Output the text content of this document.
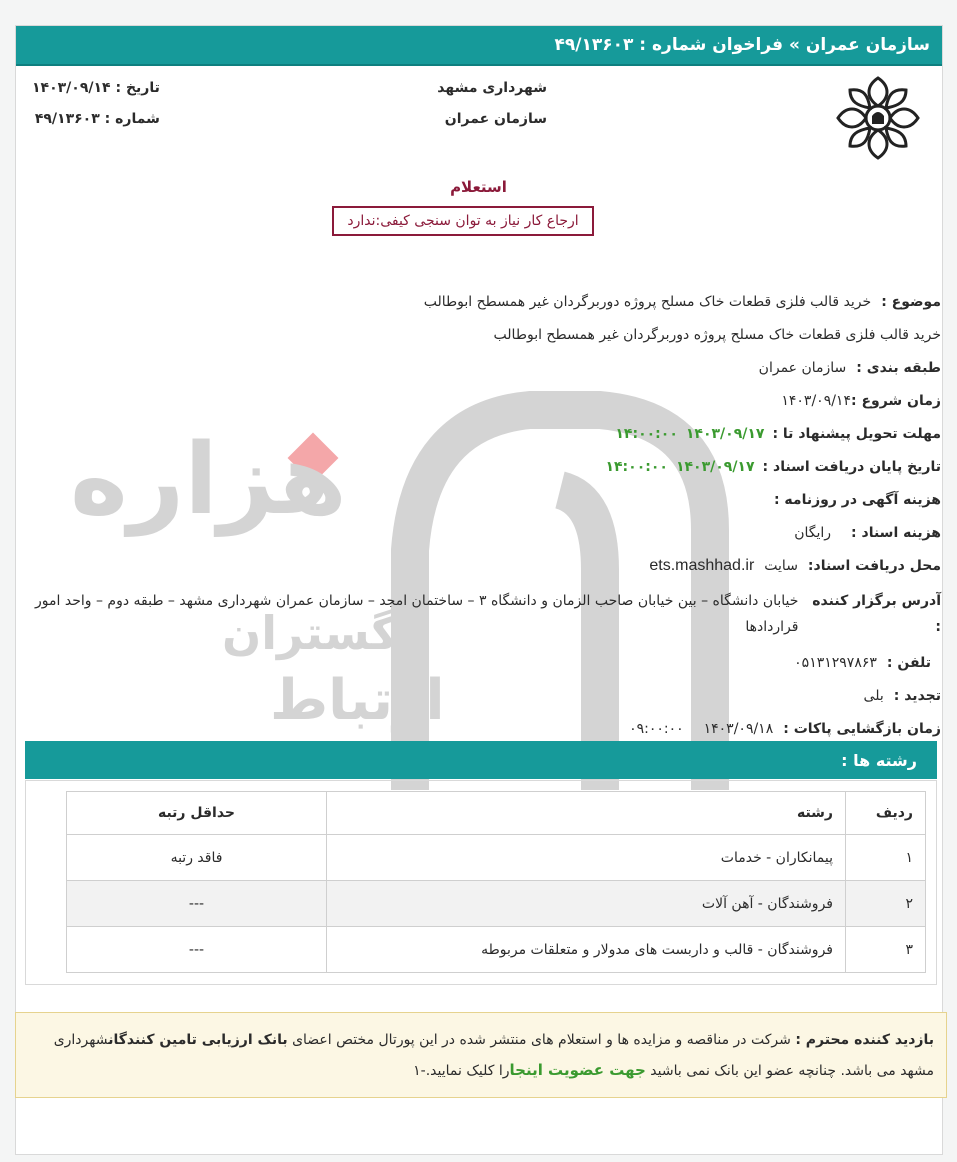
سازمان عمران » فراخوان شماره : ۴۹/۱۳۶۰۳
شهرداری مشهد
سازمان عمران
تاریخ : ۱۴۰۳/۰۹/۱۴
شماره : ۴۹/۱۳۶۰۳
استعلام
ارجاع کار نیاز به توان سنجی کیفی:ندارد
هزاره
گستران
ارتباط
موضوع :
خرید قالب فلزی قطعات خاک مسلح پروژه دوربرگردان غیر همسطح ابوطالب
خرید قالب فلزی قطعات خاک مسلح پروژه دوربرگردان غیر همسطح ابوطالب
طبقه بندی :
سازمان عمران
زمان شروع :
۱۴۰۳/۰۹/۱۴
مهلت تحویل پیشنهاد تا :
۱۴۰۳/۰۹/۱۷
۱۴:۰۰:۰۰
تاریخ پایان دریافت اسناد :
۱۴۰۳/۰۹/۱۷
۱۴:۰۰:۰۰
هزینه آگهی در روزنامه :
هزینه اسناد :
رایگان
محل دریافت اسناد:
سایت
ets.mashhad.ir
آدرس برگزار کننده :
خیابان دانشگاه – بین خیابان صاحب الزمان و دانشگاه ۳ – ساختمان امجد – سازمان عمران شهرداری مشهد – طبقه دوم – واحد امور قراردادها
تلفن :
۰۵۱۳۱۲۹۷۸۶۳
تجدید :
بلی
زمان بازگشایی پاکات :
۱۴۰۳/۰۹/۱۸
۰۹:۰۰:۰۰
رشته ها :
ردیف	رشته	حداقل رتبه
۱	پیمانکاران - خدمات	فاقد رتبه
۲	فروشندگان - آهن آلات	---
۳	فروشندگان - قالب و داربست های مدولار و متعلقات مربوطه	---
بازدید کننده محترم : شرکت در مناقصه و مزایده ها و استعلام های منتشر شده در این پورتال مختص اعضای بانک ارزیابی تامین کنندگانشهرداری مشهد می باشد. چنانچه عضو این بانک نمی باشید جهت عضویت اینجارا کلیک نمایید.-۱
